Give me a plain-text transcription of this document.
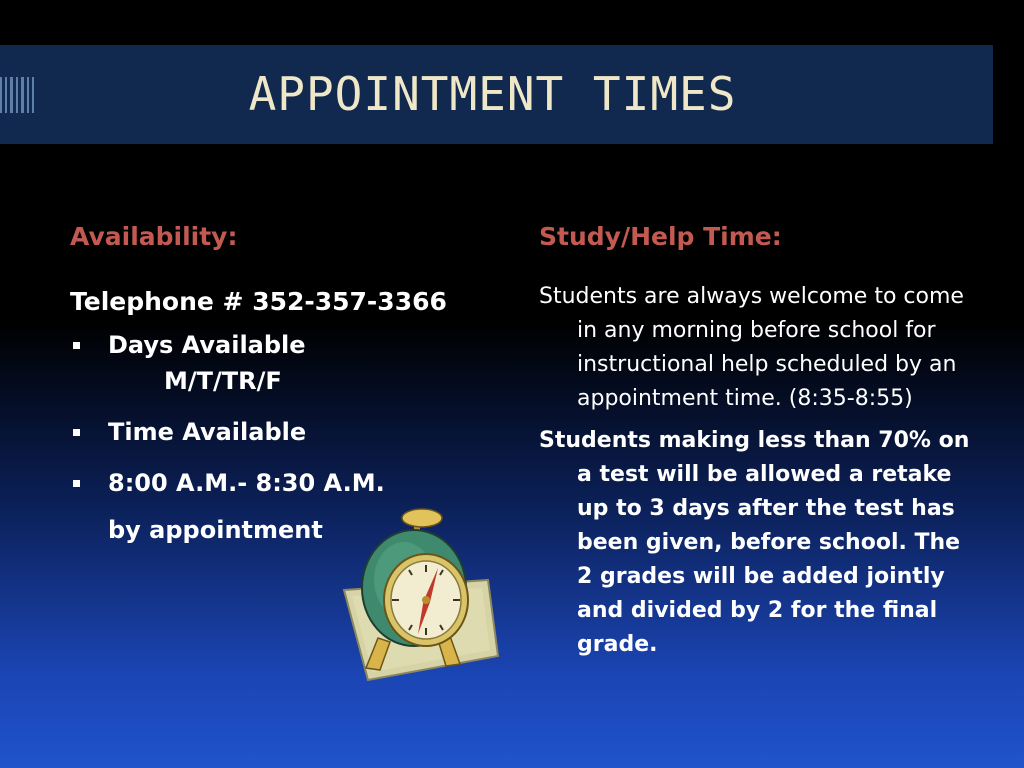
APPOINTMENT TIMES
Availability:	Study/Help Time:
Telephone # 352-357-3366
Days Available
M/T/TR/F
Time Available
8:00 A.M.- 8:30 A.M.
by appointment

Students are always welcome to come in any morning before school for instructional help scheduled by an appointment time. (8:35-8:55)

Students making less than 70% on a test will be allowed a retake up to 3 days after the test has been given, before school. The 2 grades will be added jointly and divided by 2 for the final grade.
